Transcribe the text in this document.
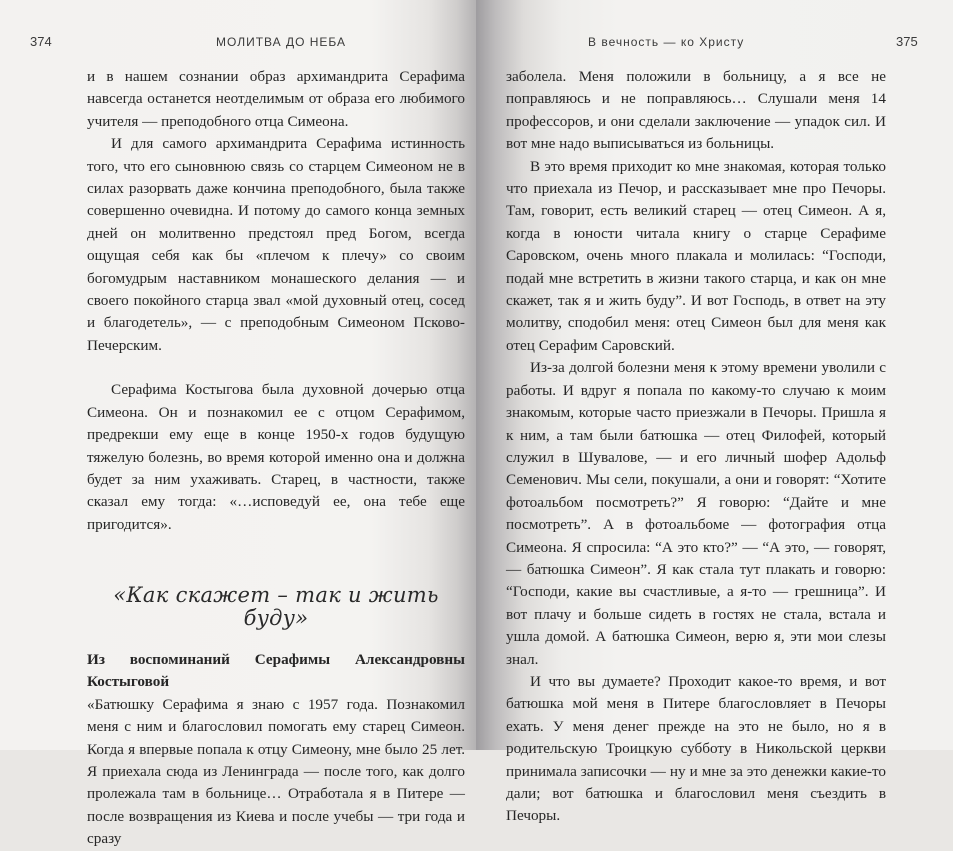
374	МОЛИТВА ДО НЕБА

и в нашем сознании образ архимандрита Серафима навсегда останется неотделимым от образа его любимого учителя — преподобного отца Симеона.

И для самого архимандрита Серафима истинность того, что его сыновнюю связь со старцем Симеоном не в силах разорвать даже кончина преподобного, была также совершенно очевидна. И потому до самого конца земных дней он молитвенно предстоял пред Богом, всегда ощущая себя как бы «плечом к плечу» со своим богомудрым наставником монашеского делания — и своего покойного старца звал «мой духовный отец, сосед и благодетель», — с преподобным Симеоном Псково-Печерским.

Серафима Костыгова была духовной дочерью отца Симеона. Он и познакомил ее с отцом Серафимом, предрекши ему еще в конце 1950-х годов будущую тяжелую болезнь, во время которой именно она и должна будет за ним ухаживать. Старец, в частности, также сказал ему тогда: «…исповедуй ее, она тебе еще пригодится».

«Как скажет – так и жить буду»

Из воспоминаний Серафимы Александровны Костыговой

«Батюшку Серафима я знаю с 1957 года. Познакомил меня с ним и благословил помогать ему старец Симеон. Когда я впервые попала к отцу Симеону, мне было 25 лет. Я приехала сюда из Ленинграда — после того, как долго пролежала там в больнице… Отработала я в Питере — после возвращения из Киева и после учебы — три года и сразу

В вечность — ко Христу	375

заболела. Меня положили в больницу, а я все не поправляюсь и не поправляюсь… Слушали меня 14 профессоров, и они сделали заключение — упадок сил. И вот мне надо выписываться из больницы.

В это время приходит ко мне знакомая, которая только что приехала из Печор, и рассказывает мне про Печоры. Там, говорит, есть великий старец — отец Симеон. А я, когда в юности читала книгу о старце Серафиме Саровском, очень много плакала и молилась: “Господи, подай мне встретить в жизни такого старца, и как он мне скажет, так я и жить буду”. И вот Господь, в ответ на эту молитву, сподобил меня: отец Симеон был для меня как отец Серафим Саровский.

Из-за долгой болезни меня к этому времени уволили с работы. И вдруг я попала по какому-то случаю к моим знакомым, которые часто приезжали в Печоры. Пришла я к ним, а там были батюшка — отец Филофей, который служил в Шувалове, — и его личный шофер Адольф Семенович. Мы сели, покушали, а они и говорят: “Хотите фотоальбом посмотреть?” Я говорю: “Дайте и мне посмотреть”. А в фотоальбоме — фотография отца Симеона. Я спросила: “А это кто?” — “А это, — говорят, — батюшка Симеон”. Я как стала тут плакать и говорю: “Господи, какие вы счастливые, а я-то — грешница”. И вот плачу и больше сидеть в гостях не стала, встала и ушла домой. А батюшка Симеон, верю я, эти мои слезы знал.

И что вы думаете? Проходит какое-то время, и вот батюшка мой меня в Питере благословляет в Печоры ехать. У меня денег прежде на это не было, но я в родительскую Троицкую субботу в Никольской церкви принимала записочки — ну и мне за это денежки какие-то дали; вот батюшка и благословил меня съездить в Печоры.
